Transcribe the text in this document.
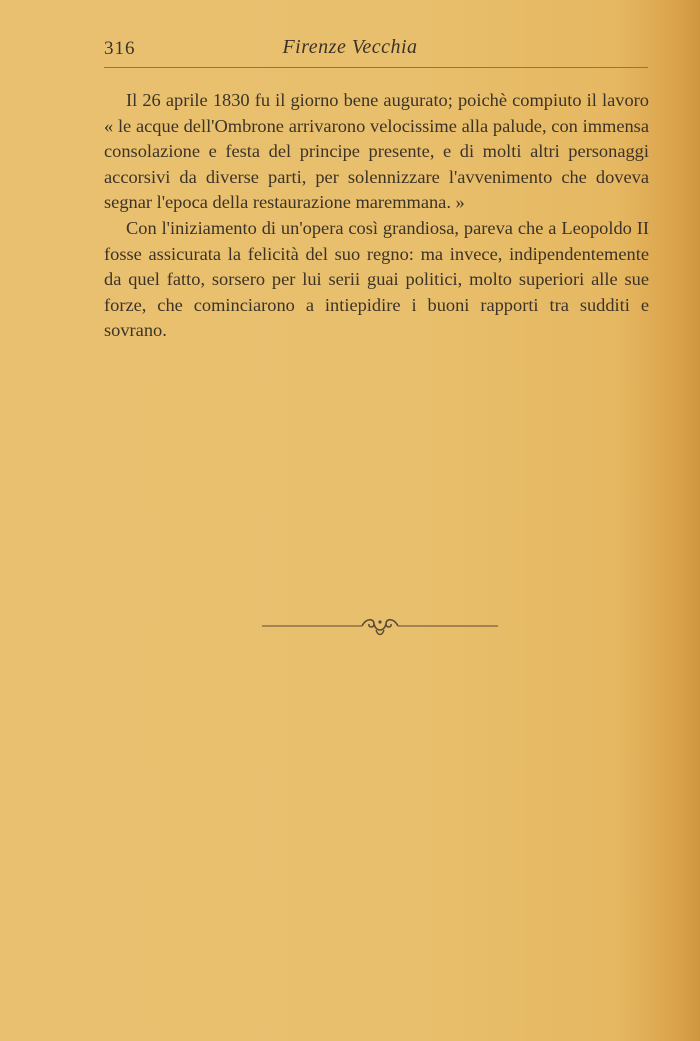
316	Firenze Vecchia

Il 26 aprile 1830 fu il giorno bene augurato; poichè compiuto il lavoro « le acque dell'Ombrone arrivarono velocissime alla palude, con immensa consolazione e festa del principe presente, e di molti altri personaggi accorsivi da diverse parti, per solennizzare l'avvenimento che doveva segnar l'epoca della restaurazione maremmana. »

Con l'iniziamento di un'opera così grandiosa, pareva che a Leopoldo II fosse assicurata la felicità del suo regno: ma invece, indipendentemente da quel fatto, sorsero per lui serii guai politici, molto superiori alle sue forze, che cominciarono a intiepidire i buoni rapporti tra sudditi e sovrano.
